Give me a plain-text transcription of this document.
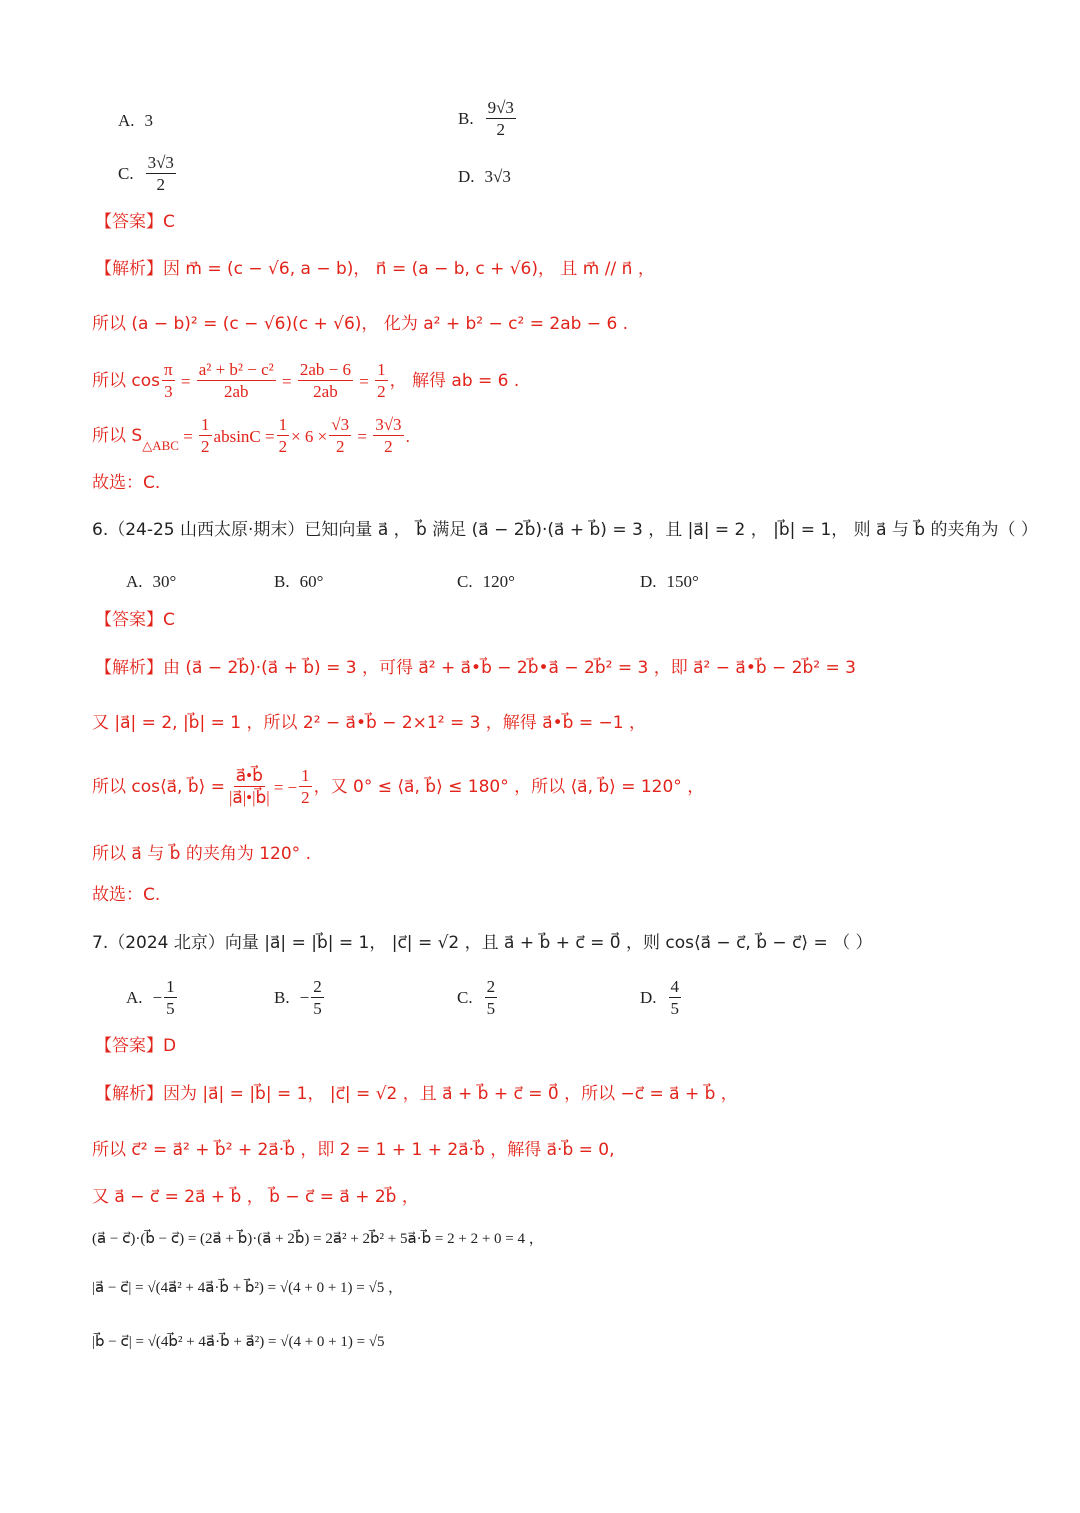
A. 3	B. $\frac{9√3}{2}$
C. $\frac{3√3}{2}$	D. 3√3
【答案】C
【解析】因 m⃗ = (c − √6, a − b)， n⃗ = (a − b, c + √6)， 且 m⃗ // n⃗ ，
所以 (a − b)² = (c − √6)(c + √6)， 化为 a² + b² − c² = 2ab − 6 .
所以 $\cos \frac{\pi}{3} = \frac{\text{a² + b² − c²}}{2ab} = \frac{2ab - 6}{2ab} = \frac{1}{2}$ ， 解得 ab = 6 .
所以 S △ABC = $\frac{1}{2}$ $absinC = \frac{1}{2} \times 6 \times \frac{√3}{2} = \frac{3√3}{2}$ .
故选：C.
6.（24-25 山西太原·期末）已知向量 a⃗ ， b⃗ 满足 (a⃗ − 2b⃗)·(a⃗ + b⃗) = 3 ，且 |a⃗| = 2 ， |b⃗| = 1， 则 a⃗ 与 b⃗ 的夹角为（ ）
A. 30°	B. 60°	C. 120°	D. 150°
【答案】C
【解析】由 (a⃗ − 2b⃗)·(a⃗ + b⃗) = 3 ，可得 a⃗² + a⃗•b⃗ − 2b⃗•a⃗ − 2b⃗² = 3 ，即 a⃗² − a⃗•b⃗ − 2b⃗² = 3
又 |a⃗| = 2, |b⃗| = 1 ，所以 2² − a⃗•b⃗ − 2×1² = 3 ，解得 a⃗•b⃗ = −1 ，
所以 cos⟨a⃗, b⃗⟩ = $\frac{a⃗•b⃗}{|a⃗|•|b⃗|}$ = − $\frac{1}{2}$ ，又 0° ≤ ⟨a⃗, b⃗⟩ ≤ 180° ，所以 ⟨a⃗, b⃗⟩ = 120° ，
所以 a⃗ 与 b⃗ 的夹角为 120° .
故选：C.
7.（2024 北京）向量 |a⃗| = |b⃗| = 1， |c⃗| = √2 ，且 a⃗ + b⃗ + c⃗ = 0⃗ ，则 cos⟨a⃗ − c⃗, b⃗ − c⃗⟩ = （ ）
A. − $\frac{1}{5}$	B. − $\frac{2}{5}$	C. $\frac{2}{5}$	D. $\frac{4}{5}$
【答案】D
【解析】因为 |a⃗| = |b⃗| = 1， |c⃗| = √2 ，且 a⃗ + b⃗ + c⃗ = 0⃗ ，所以 −c⃗ = a⃗ + b⃗ ，
所以 c⃗² = a⃗² + b⃗² + 2a⃗·b⃗ ，即 2 = 1 + 1 + 2a⃗·b⃗ ，解得 a⃗·b⃗ = 0,
又 a⃗ − c⃗ = 2a⃗ + b⃗ ， b⃗ − c⃗ = a⃗ + 2b⃗ ，
(a⃗ − c⃗)·(b⃗ − c⃗) = (2a⃗ + b⃗)·(a⃗ + 2b⃗) = 2a⃗² + 2b⃗² + 5a⃗·b⃗ = 2 + 2 + 0 = 4 ，
|a⃗ − c⃗| = √(4a⃗² + 4a⃗·b⃗ + b⃗²) = √(4 + 0 + 1) = √5 ，
|b⃗ − c⃗| = √(4b⃗² + 4a⃗·b⃗ + a⃗²) = √(4 + 0 + 1) = √5
